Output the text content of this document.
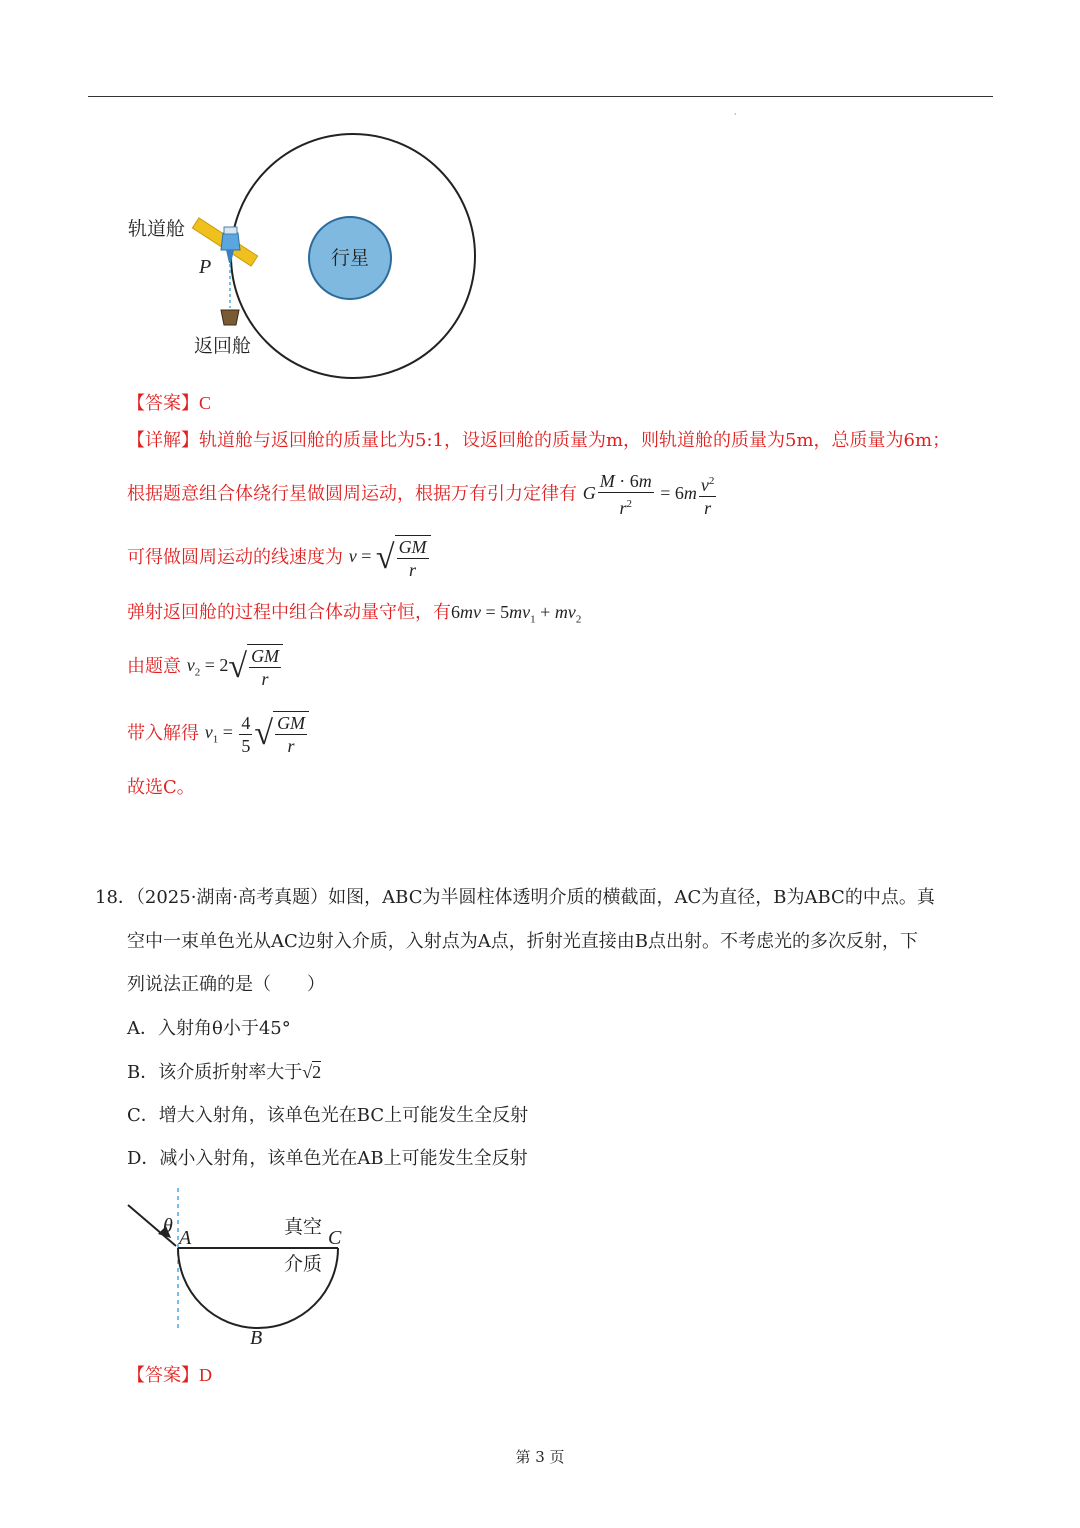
·
行星
轨道舱
P
返回舱
【答案】C
【详解】轨道舱与返回舱的质量比为5:1，设返回舱的质量为m，则轨道舱的质量为5m，总质量为6m；
根据题意组合体绕行星做圆周运动，根据万有引力定律有 G $\frac{M \cdot 6m}{r^2} = 6m \frac{v^2}{r}$
可得做圆周运动的线速度为 v = √ $\frac{GM}{r}$
弹射返回舱的过程中组合体动量守恒，有$6mv = 5mv_1 + mv_2$
由题意 $v_2 = 2√ \frac{GM}{r}$
带入解得 $v_1 = \frac{4}{5}$ √ $\frac{GM}{r}$
故选C。
18．（2025·湖南·高考真题）如图，ABC为半圆柱体透明介质的横截面，AC为直径，B为ABC的中点。真
空中一束单色光从AC边射入介质，入射点为A点，折射光直接由B点出射。不考虑光的多次反射，下
列说法正确的是（　　）
A．入射角θ小于45°
B．该介质折射率大于√2
C．增大入射角，该单色光在BC上可能发生全反射
D．减小入射角，该单色光在AB上可能发生全反射
θ
A	C
B
真空
介质
【答案】D
第 3 页
